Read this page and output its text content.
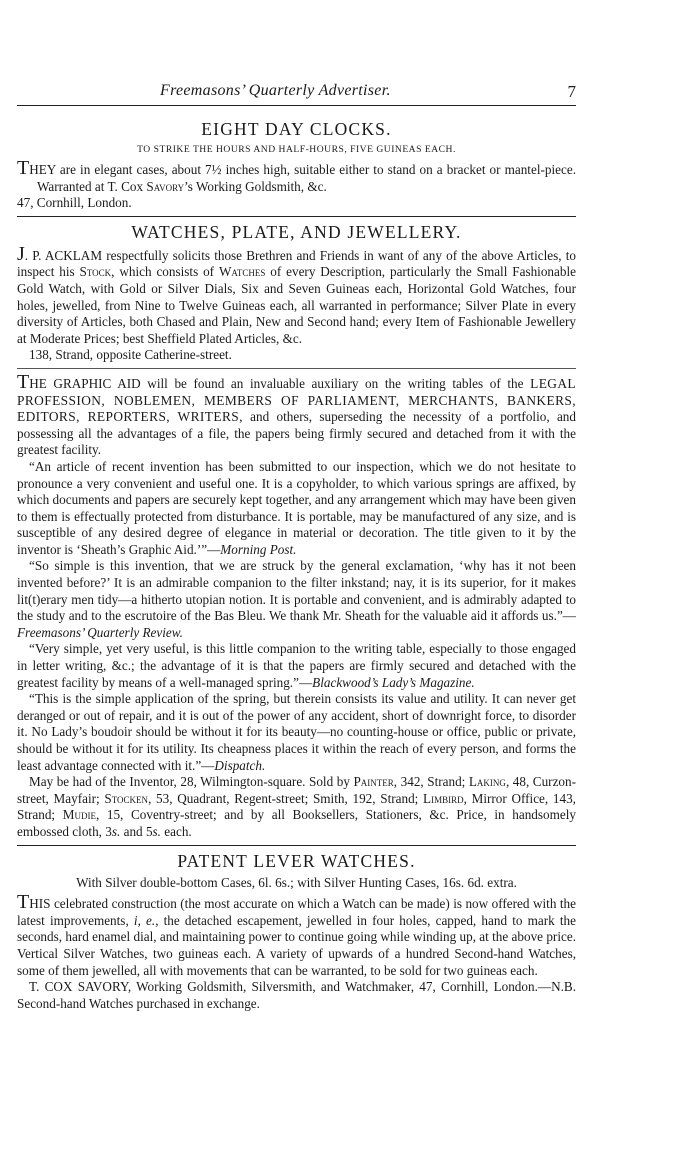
Freemasons’ Quarterly Advertiser.	7
EIGHT DAY CLOCKS.
TO STRIKE THE HOURS AND HALF-HOURS, FIVE GUINEAS EACH.

THEY are in elegant cases, about 7½ inches high, suitable either to stand on a bracket or mantel-piece. Warranted at T. Cox Savory’s Working Goldsmith, &c.

47, Cornhill, London.

WATCHES, PLATE, AND JEWELLERY.

J. P. ACKLAM respectfully solicits those Brethren and Friends in want of any of the above Articles, to inspect his Stock, which consists of Watches of every Description, particularly the Small Fashionable Gold Watch, with Gold or Silver Dials, Six and Seven Guineas each, Horizontal Gold Watches, four holes, jewelled, from Nine to Twelve Guineas each, all warranted in performance; Silver Plate in every diversity of Articles, both Chased and Plain, New and Second hand; every Item of Fashionable Jewellery at Moderate Prices; best Sheffield Plated Articles, &c.

138, Strand, opposite Catherine-street.

THE GRAPHIC AID will be found an invaluable auxiliary on the writing tables of the LEGAL PROFESSION, NOBLEMEN, MEMBERS OF PARLIAMENT, MERCHANTS, BANKERS, EDITORS, REPORTERS, WRITERS, and others, superseding the necessity of a portfolio, and possessing all the advantages of a file, the papers being firmly secured and detached from it with the greatest facility.

“An article of recent invention has been submitted to our inspection, which we do not hesitate to pronounce a very convenient and useful one. It is a copyholder, to which various springs are affixed, by which documents and papers are securely kept together, and any arrangement which may have been given to them is effectually protected from disturbance. It is portable, may be manufactured of any size, and is susceptible of any desired degree of elegance in material or decoration. The title given to it by the inventor is ‘Sheath’s Graphic Aid.’”—Morning Post.

“So simple is this invention, that we are struck by the general exclamation, ‘why has it not been invented before?’ It is an admirable companion to the filter inkstand; nay, it is its superior, for it makes lit(t)erary men tidy—a hitherto utopian notion. It is portable and convenient, and is admirably adapted to the study and to the escrutoire of the Bas Bleu. We thank Mr. Sheath for the valuable aid it affords us.”—Freemasons’ Quarterly Review.

“Very simple, yet very useful, is this little companion to the writing table, especially to those engaged in letter writing, &c.; the advantage of it is that the papers are firmly secured and detached with the greatest facility by means of a well-managed spring.”—Blackwood’s Lady’s Magazine.

“This is the simple application of the spring, but therein consists its value and utility. It can never get deranged or out of repair, and it is out of the power of any accident, short of downright force, to disorder it. No Lady’s boudoir should be without it for its beauty—no counting-house or office, public or private, should be without it for its utility. Its cheapness places it within the reach of every person, and forms the least advantage connected with it.”—Dispatch.

May be had of the Inventor, 28, Wilmington-square. Sold by Painter, 342, Strand; Laking, 48, Curzon-street, Mayfair; Stocken, 53, Quadrant, Regent-street; Smith, 192, Strand; Limbird, Mirror Office, 143, Strand; Mudie, 15, Coventry-street; and by all Booksellers, Stationers, &c. Price, in handsomely embossed cloth, 3s. and 5s. each.

PATENT LEVER WATCHES.

With Silver double-bottom Cases, 6l. 6s.; with Silver Hunting Cases, 16s. 6d. extra.

THIS celebrated construction (the most accurate on which a Watch can be made) is now offered with the latest improvements, i, e., the detached escapement, jewelled in four holes, capped, hand to mark the seconds, hard enamel dial, and maintaining power to continue going while winding up, at the above price. Vertical Silver Watches, two guineas each. A variety of upwards of a hundred Second-hand Watches, some of them jewelled, all with movements that can be warranted, to be sold for two guineas each.

T. COX SAVORY, Working Goldsmith, Silversmith, and Watchmaker, 47, Cornhill, London.—N.B. Second-hand Watches purchased in exchange.
